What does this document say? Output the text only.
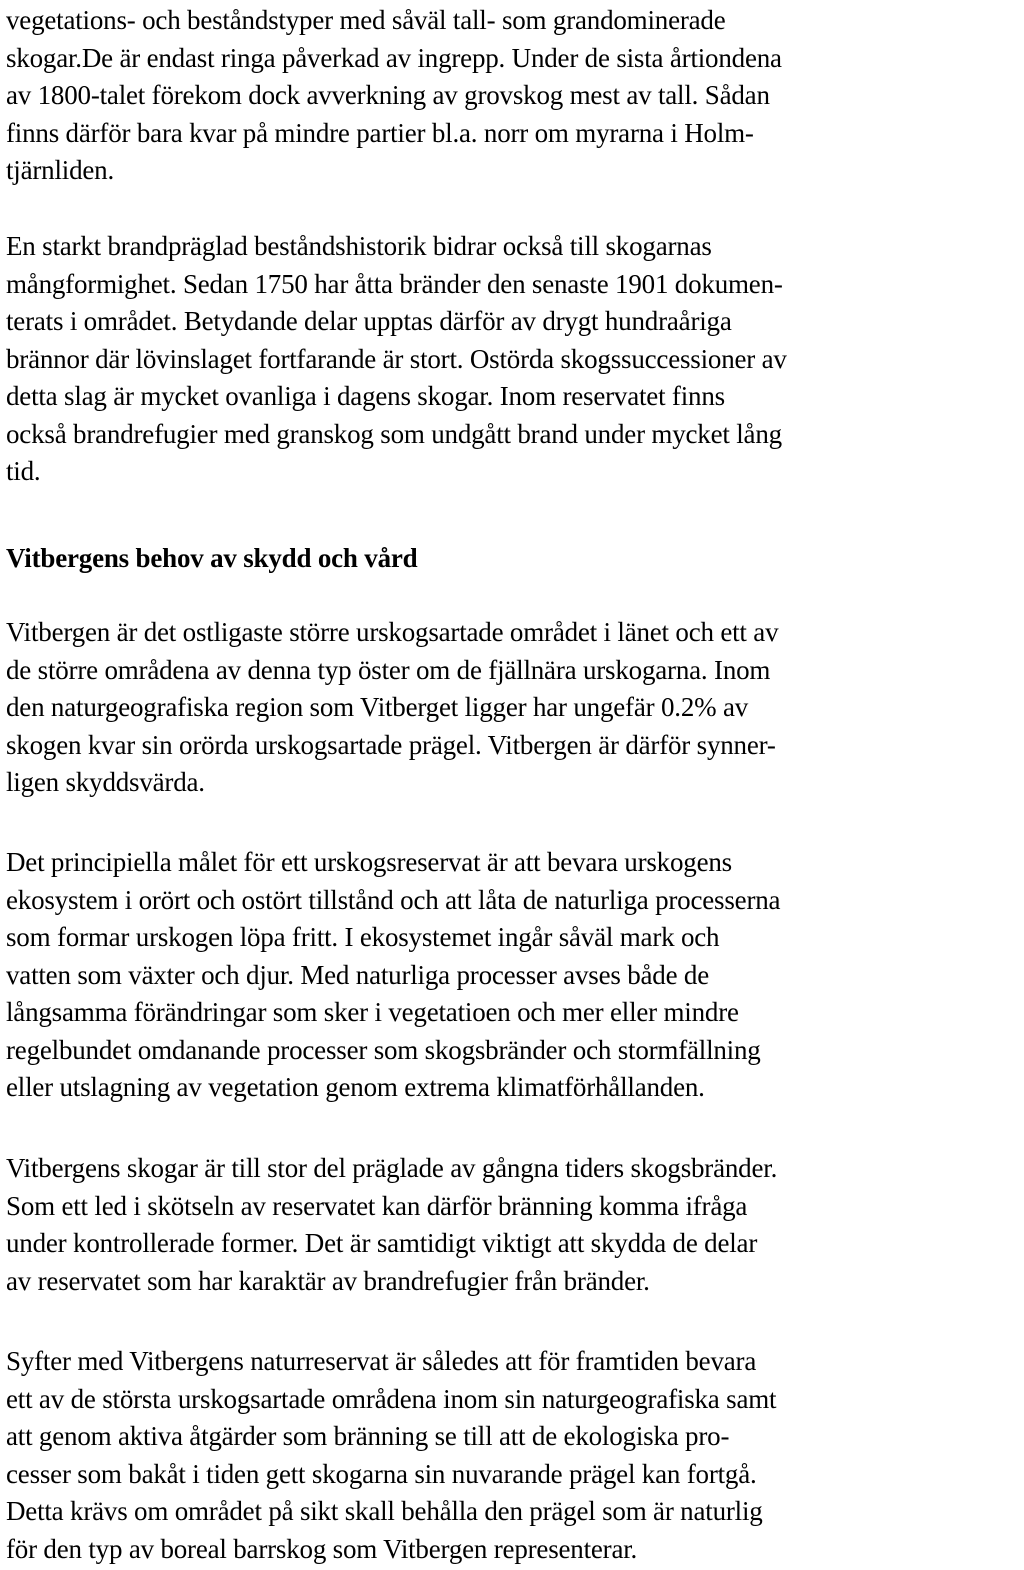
vegetations- och beståndstyper med såväl tall- som grandominerade
skogar.De är endast ringa påverkad av ingrepp. Under de sista årtiondena
av 1800-talet förekom dock avverkning av grovskog mest av tall. Sådan
finns därför bara kvar på mindre partier bl.a. norr om myrarna i Holm-
tjärnliden.

En starkt brandpräglad beståndshistorik bidrar också till skogarnas
mångformighet. Sedan 1750 har åtta bränder den senaste 1901 dokumen-
terats i området. Betydande delar upptas därför av drygt hundraåriga
brännor där lövinslaget fortfarande är stort. Ostörda skogssuccessioner av
detta slag är mycket ovanliga i dagens skogar. Inom reservatet finns
också brandrefugier med granskog som undgått brand under mycket lång
tid.

Vitbergens behov av skydd och vård

Vitbergen är det ostligaste större urskogsartade området i länet och ett av
de större områdena av denna typ öster om de fjällnära urskogarna. Inom
den naturgeografiska region som Vitberget ligger har ungefär 0.2% av
skogen kvar sin orörda urskogsartade prägel. Vitbergen är därför synner-
ligen skyddsvärda.

Det principiella målet för ett urskogsreservat är att bevara urskogens
ekosystem i orört och ostört tillstånd och att låta de naturliga processerna
som formar urskogen löpa fritt. I ekosystemet ingår såväl mark och
vatten som växter och djur. Med naturliga processer avses både de
långsamma förändringar som sker i vegetatioen och mer eller mindre
regelbundet omdanande processer som skogsbränder och stormfällning
eller utslagning av vegetation genom extrema klimatförhållanden.

Vitbergens skogar är till stor del präglade av gångna tiders skogsbränder.
Som ett led i skötseln av reservatet kan därför bränning komma ifråga
under kontrollerade former. Det är samtidigt viktigt att skydda de delar
av reservatet som har karaktär av brandrefugier från bränder.

Syfter med Vitbergens naturreservat är således att för framtiden bevara
ett av de största urskogsartade områdena inom sin naturgeografiska samt
att genom aktiva åtgärder som bränning se till att de ekologiska pro-
cesser som bakåt i tiden gett skogarna sin nuvarande prägel kan fortgå.
Detta krävs om området på sikt skall behålla den prägel som är naturlig
för den typ av boreal barrskog som Vitbergen representerar.
